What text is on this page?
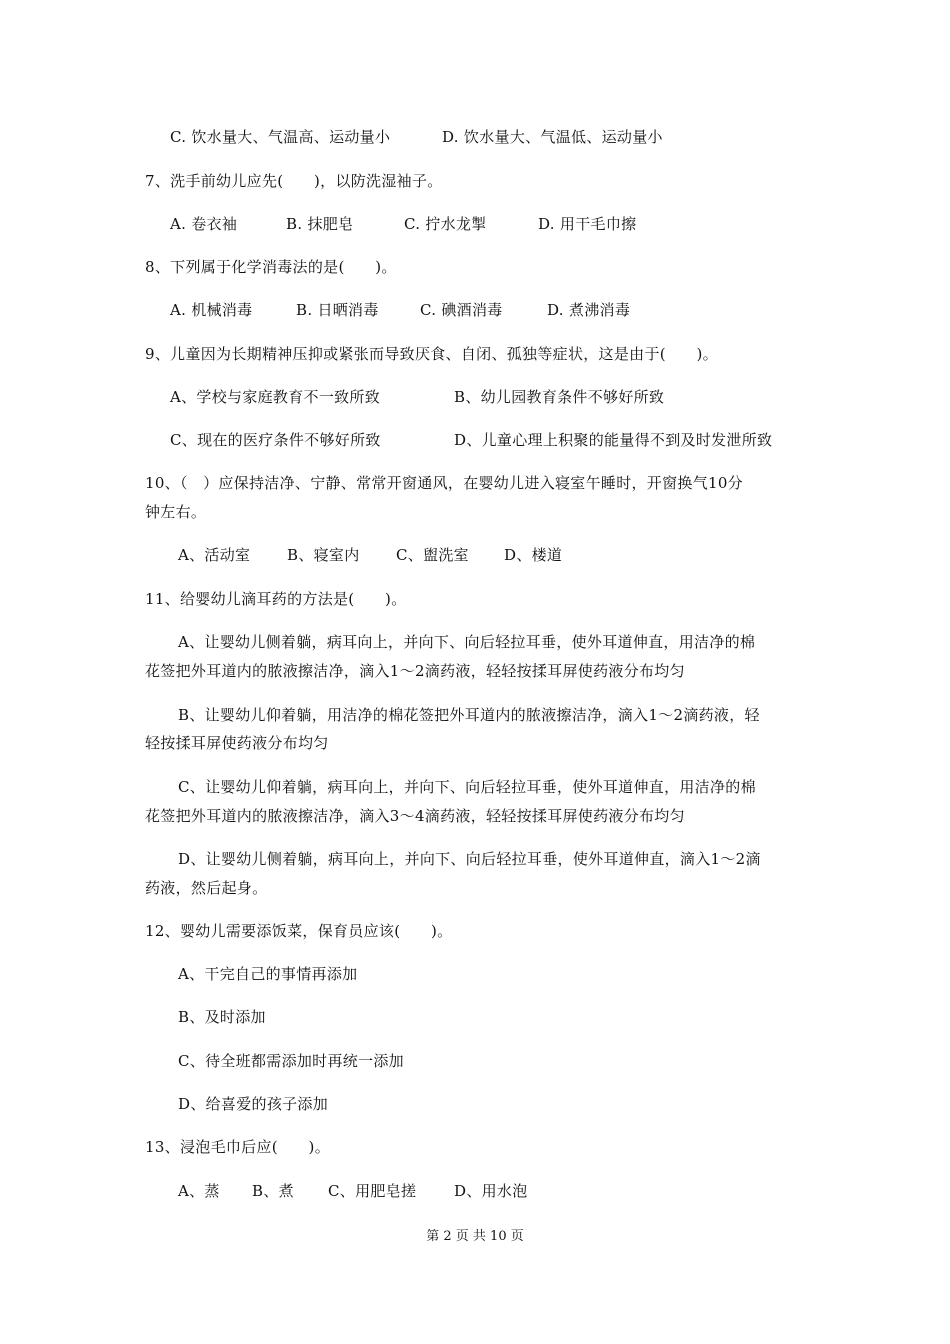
C. 饮水量大、气温高、运动量小	D. 饮水量大、气温低、运动量小
7、洗手前幼儿应先(　　)，以防洗湿袖子。
A. 卷衣袖	B. 抹肥皂	C. 拧水龙掣	D. 用干毛巾擦
8、下列属于化学消毒法的是(　　)。
A. 机械消毒	B. 日晒消毒	C. 碘酒消毒	D. 煮沸消毒
9、儿童因为长期精神压抑或紧张而导致厌食、自闭、孤独等症状，这是由于(　　)。
A、学校与家庭教育不一致所致	B、幼儿园教育条件不够好所致
C、现在的医疗条件不够好所致	D、儿童心理上积聚的能量得不到及时发泄所致
10、（　）应保持洁净、宁静、常常开窗通风，在婴幼儿进入寝室午睡时，开窗换气10分
钟左右。
A、活动室 B、寝室内 C、盥洗室 D、楼道
11、给婴幼儿滴耳药的方法是(　　)。
A、让婴幼儿侧着躺，病耳向上，并向下、向后轻拉耳垂，使外耳道伸直，用洁净的棉
花签把外耳道内的脓液擦洁净，滴入1～2滴药液，轻轻按揉耳屏使药液分布均匀
B、让婴幼儿仰着躺，用洁净的棉花签把外耳道内的脓液擦洁净，滴入1～2滴药液，轻
轻按揉耳屏使药液分布均匀
C、让婴幼儿仰着躺，病耳向上，并向下、向后轻拉耳垂，使外耳道伸直，用洁净的棉
花签把外耳道内的脓液擦洁净，滴入3～4滴药液，轻轻按揉耳屏使药液分布均匀
D、让婴幼儿侧着躺，病耳向上，并向下、向后轻拉耳垂，使外耳道伸直，滴入1～2滴
药液，然后起身。
12、婴幼儿需要添饭菜，保育员应该(　　)。
A、干完自己的事情再添加
B、及时添加
C、待全班都需添加时再统一添加
D、给喜爱的孩子添加
13、浸泡毛巾后应(　　)。
A、蒸 B、煮 C、用肥皂搓	D、用水泡
第 2 页 共 10 页
